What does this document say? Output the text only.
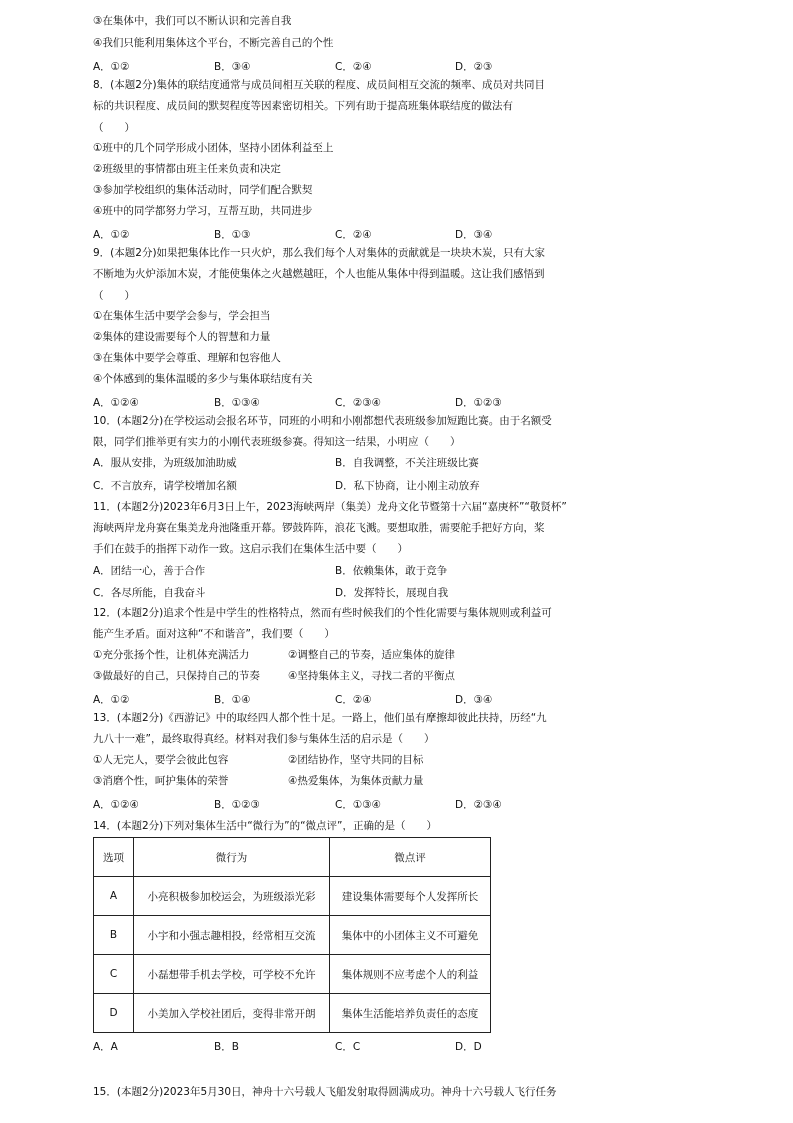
③在集体中，我们可以不断认识和完善自我
④我们只能利用集体这个平台，不断完善自己的个性
A．①②	B．③④	C．②④	D．②③
8．(本题2分)集体的联结度通常与成员间相互关联的程度、成员间相互交流的频率、成员对共同目
标的共识程度、成员间的默契程度等因素密切相关。下列有助于提高班集体联结度的做法有
（　　）
①班中的几个同学形成小团体，坚持小团体利益至上
②班级里的事情都由班主任来负责和决定
③参加学校组织的集体活动时，同学们配合默契
④班中的同学都努力学习，互帮互助，共同进步
A．①②	B．①③	C．②④	D．③④
9．(本题2分)如果把集体比作一只火炉，那么我们每个人对集体的贡献就是一块块木炭，只有大家
不断地为火炉添加木炭，才能使集体之火越燃越旺，个人也能从集体中得到温暖。这让我们感悟到
（　　）
①在集体生活中要学会参与，学会担当
②集体的建设需要每个人的智慧和力量
③在集体中要学会尊重、理解和包容他人
④个体感到的集体温暖的多少与集体联结度有关
A．①②④	B．①③④	C．②③④	D．①②③
10．(本题2分)在学校运动会报名环节，同班的小明和小刚都想代表班级参加短跑比赛。由于名额受
限，同学们推举更有实力的小刚代表班级参赛。得知这一结果，小明应（　　）
A．服从安排，为班级加油助威	B．自我调整，不关注班级比赛
C．不言放弃，请学校增加名额	D．私下协商，让小刚主动放弃
11．(本题2分)2023年6月3日上午，2023海峡两岸（集美）龙舟文化节暨第十六届“嘉庚杯”“敬贤杯”
海峡两岸龙舟赛在集美龙舟池隆重开幕。锣鼓阵阵，浪花飞溅。要想取胜，需要舵手把好方向，桨
手们在鼓手的指挥下动作一致。这启示我们在集体生活中要（　　）
A．团结一心，善于合作	B．依赖集体，敢于竞争
C．各尽所能，自我奋斗	D．发挥特长，展现自我
12．(本题2分)追求个性是中学生的性格特点，然而有些时候我们的个性化需要与集体规则或利益可
能产生矛盾。面对这种“不和谐音”，我们要（　　）
①充分张扬个性，让机体充满活力	②调整自己的节奏，适应集体的旋律
③做最好的自己，只保持自己的节奏	④坚持集体主义，寻找二者的平衡点
A．①②	B．①④	C．②④	D．③④
13．(本题2分)《西游记》中的取经四人都个性十足。一路上，他们虽有摩擦却彼此扶持，历经“九
九八十一难”，最终取得真经。材料对我们参与集体生活的启示是（　　）
①人无完人，要学会彼此包容	②团结协作，坚守共同的目标
③消磨个性，呵护集体的荣誉	④热爱集体，为集体贡献力量
A．①②④	B．①②③	C．①③④	D．②③④
14．(本题2分)下列对集体生活中“微行为”的“微点评”，正确的是（　　）
选项	微行为	微点评
A	小亮积极参加校运会，为班级添光彩	建设集体需要每个人发挥所长
B	小宇和小强志趣相投，经常相互交流	集体中的小团体主义不可避免
C	小磊想带手机去学校，可学校不允许	集体规则不应考虑个人的利益
D	小美加入学校社团后，变得非常开朗	集体生活能培养负责任的态度
A．A	B．B	C．C	D．D
15．(本题2分)2023年5月30日，神舟十六号载人飞船发射取得圆满成功。神舟十六号载人飞行任务
